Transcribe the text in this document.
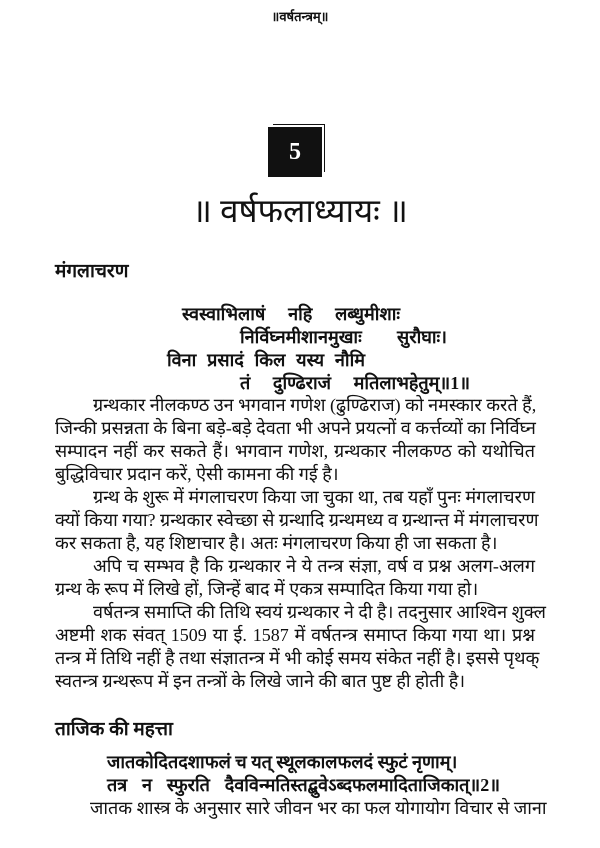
॥वर्षतन्त्रम्॥
5
॥ वर्षफलाध्यायः ॥
मंगलाचरण
स्वस्वाभिलाषं नहि लब्धुमीशाः
निर्विघ्नमीशानमुखाः सुरौघाः।
विना प्रसादं किल यस्य नौमि
तं दुण्ढिराजं मतिलाभहेतुम्॥1॥
ग्रन्थकार नीलकण्ठ उन भगवान गणेश (ढुण्ढिराज) को नमस्कार करते हैं,
जिन्की प्रसन्नता के बिना बड़े-बड़े देवता भी अपने प्रयत्नों व कर्त्तव्यों का निर्विघ्न
सम्पादन नहीं कर सकते हैं। भगवान गणेश, ग्रन्थकार नीलकण्ठ को यथोचित
बुद्धिविचार प्रदान करें, ऐसी कामना की गई है।
ग्रन्थ के शुरू में मंगलाचरण किया जा चुका था, तब यहाँ पुनः मंगलाचरण
क्यों किया गया? ग्रन्थकार स्वेच्छा से ग्रन्थादि ग्रन्थमध्य व ग्रन्थान्त में मंगलाचरण
कर सकता है, यह शिष्टाचार है। अतः मंगलाचरण किया ही जा सकता है।
अपि च सम्भव है कि ग्रन्थकार ने ये तन्त्र संज्ञा, वर्ष व प्रश्न अलग-अलग
ग्रन्थ के रूप में लिखे हों, जिन्हें बाद में एकत्र सम्पादित किया गया हो।
वर्षतन्त्र समाप्ति की तिथि स्वयं ग्रन्थकार ने दी है। तदनुसार आश्विन शुक्ल
अष्टमी शक संवत् 1509 या ई. 1587 में वर्षतन्त्र समाप्त किया गया था। प्रश्न
तन्त्र में तिथि नहीं है तथा संज्ञातन्त्र में भी कोई समय संकेत नहीं है। इससे पृथक्
स्वतन्त्र ग्रन्थरूप में इन तन्त्रों के लिखे जाने की बात पुष्ट ही होती है।
ताजिक की महत्ता
जातकोदितदशाफलं च यत् स्थूलकालफलदं स्फुटं नृणाम्।
तत्र न स्फुरति दैवविन्मतिस्तद्बुवेऽब्दफलमादिताजिकात्॥2॥
जातक शास्त्र के अनुसार सारे जीवन भर का फल योगायोग विचार से जाना
